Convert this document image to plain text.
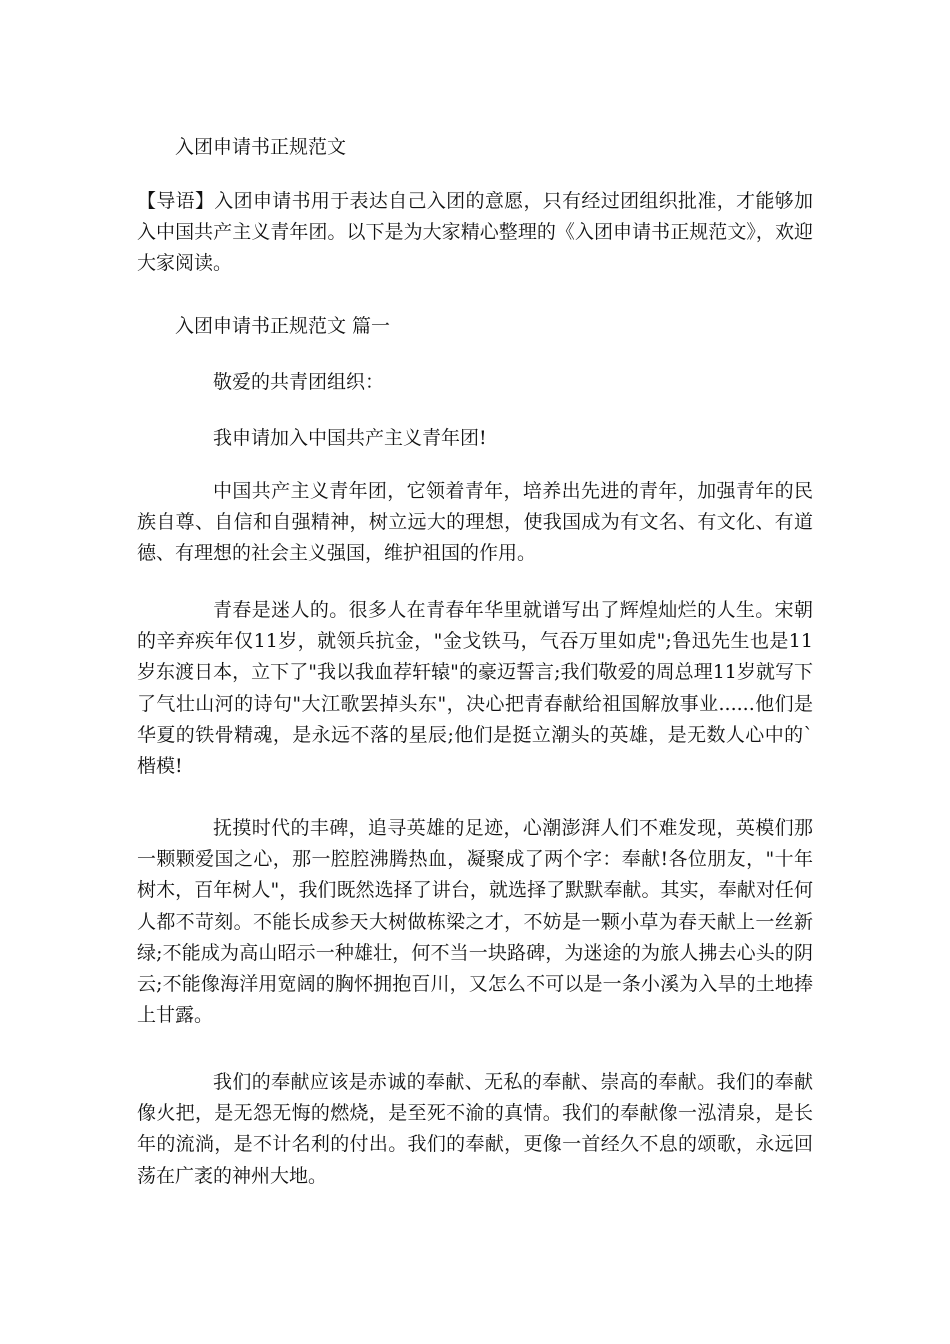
入团申请书正规范文

【导语】入团申请书用于表达自己入团的意愿，只有经过团组织批准，才能够加入中国共产主义青年团。以下是为大家精心整理的《入团申请书正规范文》，欢迎大家阅读。

入团申请书正规范文 篇一
敬爱的共青团组织：
我申请加入中国共产主义青年团!

中国共产主义青年团，它领着青年，培养出先进的青年，加强青年的民族自尊、自信和自强精神，树立远大的理想，使我国成为有文名、有文化、有道德、有理想的社会主义强国，维护祖国的作用。

青春是迷人的。很多人在青春年华里就谱写出了辉煌灿烂的人生。宋朝的辛弃疾年仅11岁，就领兵抗金，"金戈铁马，气吞万里如虎";鲁迅先生也是11岁东渡日本，立下了"我以我血荐轩辕"的豪迈誓言;我们敬爱的周总理11岁就写下了气壮山河的诗句"大江歌罢掉头东"，决心把青春献给祖国解放事业......他们是华夏的铁骨精魂，是永远不落的星辰;他们是挺立潮头的英雄，是无数人心中的`楷模!

抚摸时代的丰碑，追寻英雄的足迹，心潮澎湃人们不难发现，英模们那一颗颗爱国之心，那一腔腔沸腾热血，凝聚成了两个字：奉献!各位朋友，"十年树木，百年树人"，我们既然选择了讲台，就选择了默默奉献。其实，奉献对任何人都不苛刻。不能长成参天大树做栋梁之才，不妨是一颗小草为春天献上一丝新绿;不能成为高山昭示一种雄壮，何不当一块路碑，为迷途的为旅人拂去心头的阴云;不能像海洋用宽阔的胸怀拥抱百川，又怎么不可以是一条小溪为入旱的土地捧上甘露。

我们的奉献应该是赤诚的奉献、无私的奉献、崇高的奉献。我们的奉献像火把，是无怨无悔的燃烧，是至死不渝的真情。我们的奉献像一泓清泉，是长年的流淌，是不计名利的付出。我们的奉献，更像一首经久不息的颂歌，永远回荡在广袤的神州大地。
